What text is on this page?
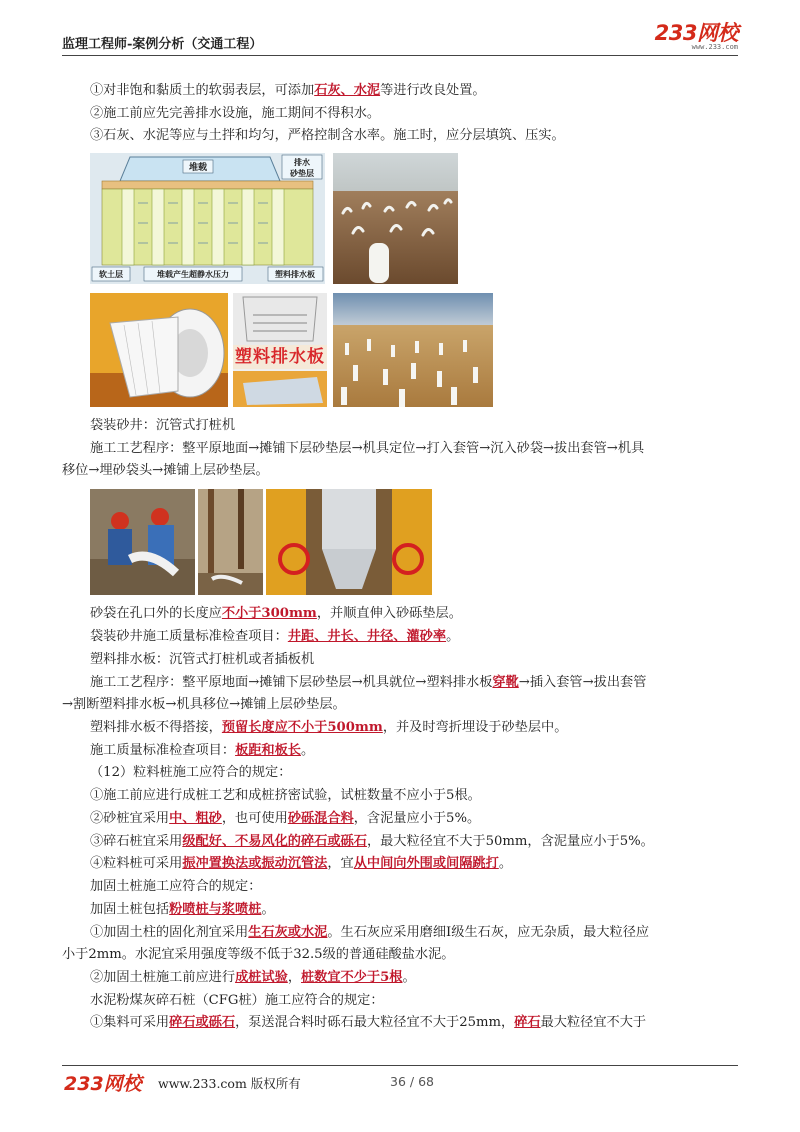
监理工程师-案例分析（交通工程）	233网校
www.233.com
①对非饱和黏质土的软弱表层，可添加石灰、水泥等进行改良处置。
②施工前应先完善排水设施，施工期间不得积水。
③石灰、水泥等应与土拌和均匀，严格控制含水率。施工时，应分层填筑、压实。
堆载
排水
砂垫层
软土层	堆载产生超静水压力	塑料排水板
塑料排水板
袋装砂井：沉管式打桩机
施工工艺程序：整平原地面→摊铺下层砂垫层→机具定位→打入套管→沉入砂袋→拔出套管→机具
移位→埋砂袋头→摊铺上层砂垫层。
砂袋在孔口外的长度应不小于300mm，并顺直伸入砂砾垫层。
袋装砂井施工质量标准检查项目：井距、井长、井径、灌砂率。
塑料排水板：沉管式打桩机或者插板机
施工工艺程序：整平原地面→摊铺下层砂垫层→机具就位→塑料排水板穿靴→插入套管→拔出套管
→割断塑料排水板→机具移位→摊铺上层砂垫层。
塑料排水板不得搭接，预留长度应不小于500mm，并及时弯折埋设于砂垫层中。
施工质量标准检查项目：板距和板长。
（12）粒料桩施工应符合的规定：
①施工前应进行成桩工艺和成桩挤密试验，试桩数量不应小于5根。
②砂桩宜采用中、粗砂，也可使用砂砾混合料，含泥量应小于5%。
③碎石桩宜采用级配好、不易风化的碎石或砾石，最大粒径宜不大于50mm，含泥量应小于5%。
④粒料桩可采用振冲置换法或振动沉管法，宜从中间向外围或间隔跳打。
加固土桩施工应符合的规定：
加固土桩包括粉喷桩与浆喷桩。
①加固土柱的固化剂宜采用生石灰或水泥。生石灰应采用磨细Ⅰ级生石灰，应无杂质，最大粒径应
小于2mm。水泥宜采用强度等级不低于32.5级的普通硅酸盐水泥。
②加固土桩施工前应进行成桩试验，桩数宜不少于5根。
水泥粉煤灰碎石桩（CFG桩）施工应符合的规定：
①集料可采用碎石或砾石，泵送混合料时砾石最大粒径宜不大于25mm，碎石最大粒径宜不大于
233网校 www.233.com 版权所有	36 / 68
